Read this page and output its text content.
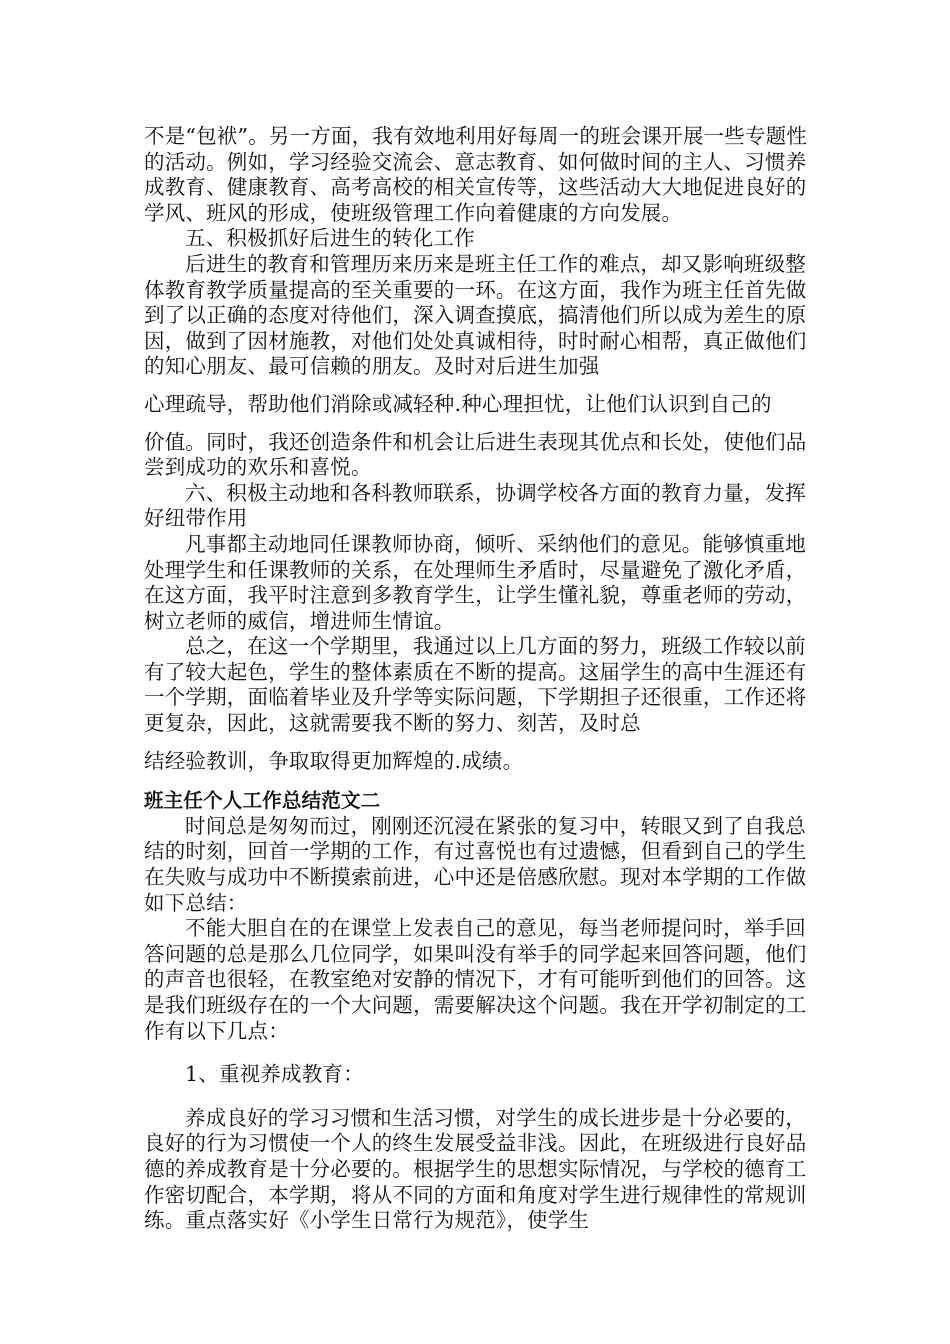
不是“包袱”。另一方面，我有效地利用好每周一的班会课开展一些专题性的活动。例如，学习经验交流会、意志教育、如何做时间的主人、习惯养成教育、健康教育、高考高校的相关宣传等，这些活动大大地促进良好的学风、班风的形成，使班级管理工作向着健康的方向发展。

五、积极抓好后进生的转化工作

后进生的教育和管理历来历来是班主任工作的难点，却又影响班级整体教育教学质量提高的至关重要的一环。在这方面，我作为班主任首先做到了以正确的态度对待他们，深入调查摸底，搞清他们所以成为差生的原因，做到了因材施教，对他们处处真诚相待，时时耐心相帮，真正做他们的知心朋友、最可信赖的朋友。及时对后进生加强

心理疏导，帮助他们消除或减轻种.种心理担忧，让他们认识到自己的

价值。同时，我还创造条件和机会让后进生表现其优点和长处，使他们品尝到成功的欢乐和喜悦。

六、积极主动地和各科教师联系，协调学校各方面的教育力量，发挥好纽带作用

凡事都主动地同任课教师协商，倾听、采纳他们的意见。能够慎重地处理学生和任课教师的关系，在处理师生矛盾时，尽量避免了激化矛盾，在这方面，我平时注意到多教育学生，让学生懂礼貌，尊重老师的劳动，树立老师的威信，增进师生情谊。

总之，在这一个学期里，我通过以上几方面的努力，班级工作较以前有了较大起色，学生的整体素质在不断的提高。这届学生的高中生涯还有一个学期，面临着毕业及升学等实际问题，下学期担子还很重，工作还将更复杂，因此，这就需要我不断的努力、刻苦，及时总

结经验教训，争取取得更加辉煌的.成绩。

班主任个人工作总结范文二

时间总是匆匆而过，刚刚还沉浸在紧张的复习中，转眼又到了自我总结的时刻，回首一学期的工作，有过喜悦也有过遗憾，但看到自己的学生在失败与成功中不断摸索前进，心中还是倍感欣慰。现对本学期的工作做如下总结：

不能大胆自在的在课堂上发表自己的意见，每当老师提问时，举手回答问题的总是那么几位同学，如果叫没有举手的同学起来回答问题，他们的声音也很轻，在教室绝对安静的情况下，才有可能听到他们的回答。这是我们班级存在的一个大问题，需要解决这个问题。我在开学初制定的工作有以下几点：

1、重视养成教育：

养成良好的学习习惯和生活习惯，对学生的成长进步是十分必要的，良好的行为习惯使一个人的终生发展受益非浅。因此，在班级进行良好品德的养成教育是十分必要的。根据学生的思想实际情况，与学校的德育工作密切配合，本学期，将从不同的方面和角度对学生进行规律性的常规训练。重点落实好《小学生日常行为规范》，使学生
